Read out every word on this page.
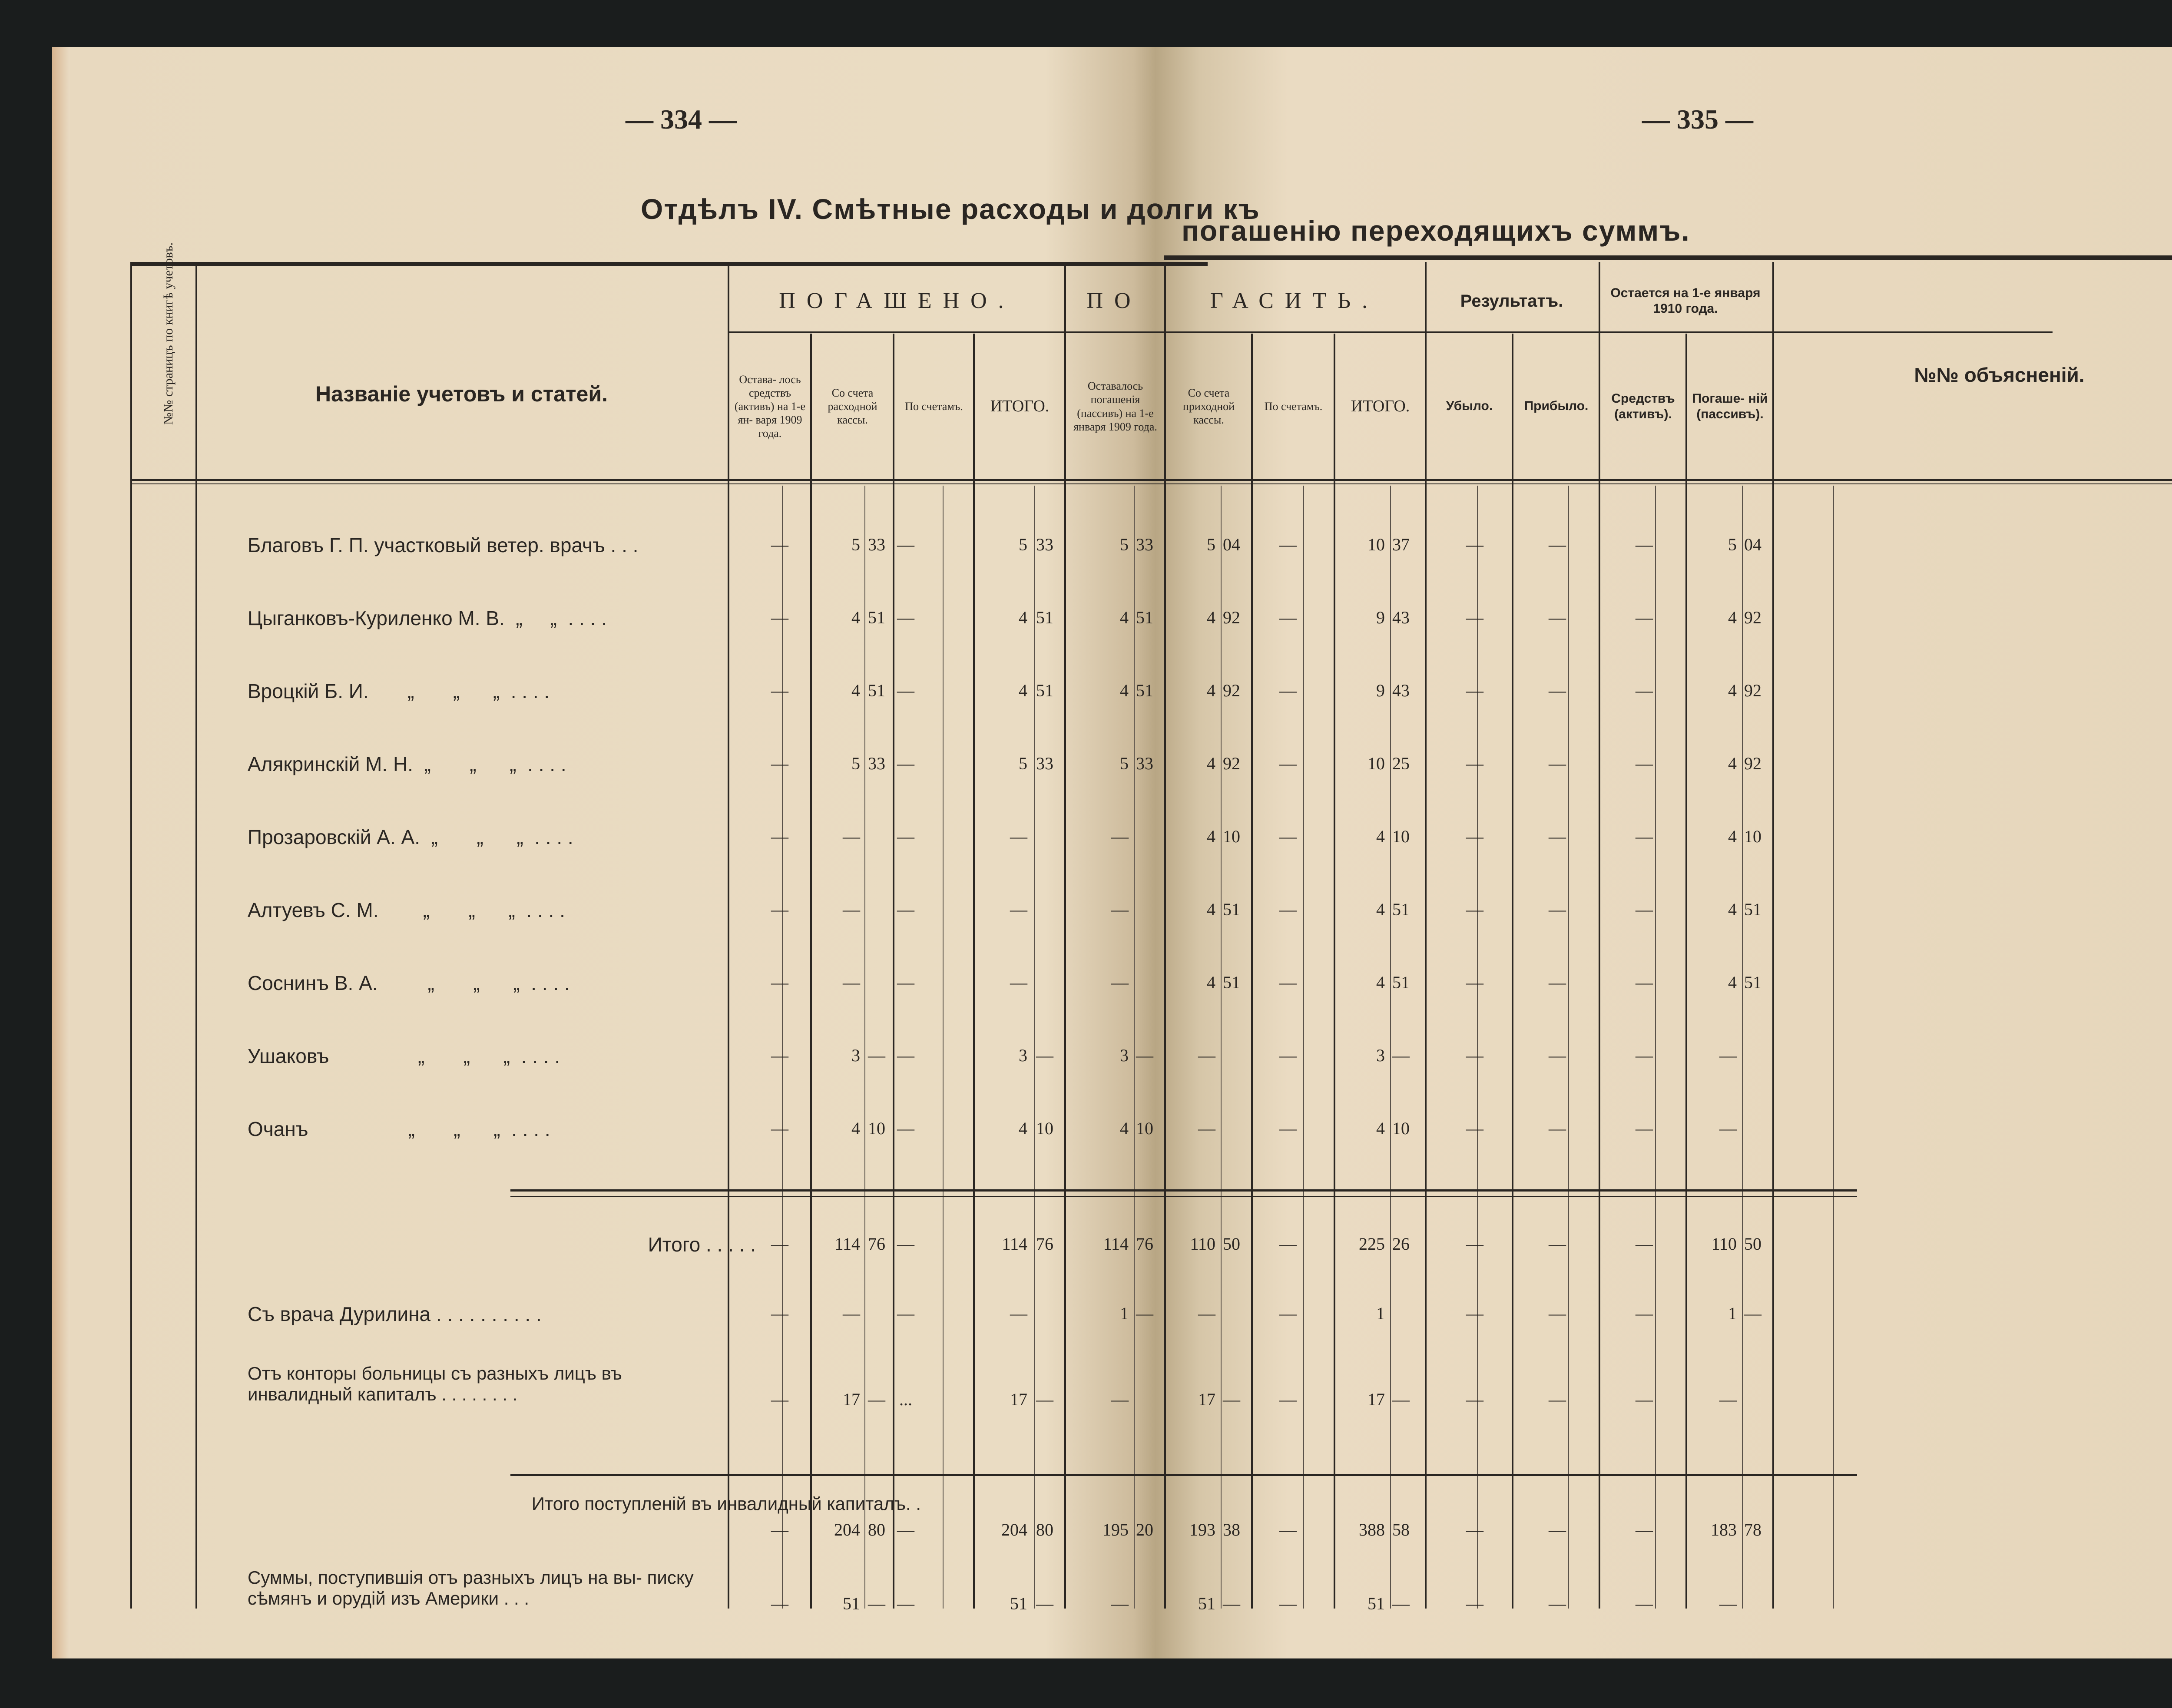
— 334 —	— 335 —
Отдѣлъ IV. Смѣтные расходы и долги къ
погашенію переходящихъ суммъ.
№№ страницъ по книгѣ учетовъ.	Названіе учетовъ и статей.
ПОГАШЕНО.	ПО	ГАСИТЬ.	Результатъ.	Остается на 1-е января 1910 года.
Остава- лось средствъ (активъ) на 1-е ян- варя 1909 года.
Со счета расходной кассы.
По счетамъ.	ИТОГО.
Оставалось погашенія (пассивъ) на 1-е января 1909 года.
Со счета приходной кассы.
По счетамъ.	ИТОГО.	Убыло.	Прибыло.
Средствъ (активъ).
Погаше- ній (пассивъ).
№№ объясненій.
Благовъ Г. П. участковый ветер. врачъ . . .	—	5 33 —	5 33	5 33	5 04	—	10 37	—	—	—	5 04
Цыганковъ-Куриленко М. В.  „     „  . . . .	—	4 51 —	4 51	4 51	4 92	—	9 43	—	—	—	4 92
Вроцкій Б. И.       „       „      „  . . . .	—	4 51 —	4 51	4 51	4 92	—	9 43	—	—	—	4 92
Алякринскій М. Н.  „       „      „  . . . .	—	5 33 —	5 33	5 33	4 92	—	10 25	—	—	—	4 92
Прозаровскій А. А.  „       „      „  . . . .	—	—	—	—	—	4 10	—	4 10	—	—	—	4 10
Алтуевъ С. М.        „       „      „  . . . .	—	—	—	—	—	4 51	—	4 51	—	—	—	4 51
Соснинъ В. А.         „       „      „  . . . .	—	—	—	—	—	4 51	—	4 51	—	—	—	4 51
Ушаковъ                „       „      „  . . . .	—	3 — —	3 —	3 —	—	—	3 —	—	—	—	—
Очанъ                  „       „      „  . . . .	—	4 10 —	4 10	4 10	—	—	4 10	—	—	—	—
Итого . . . . . —	114 76 —	114 76	114 76	110 50	—	225 26	—	—	—	110 50
Съ врача Дурилина . . . . . . . . . .	—	—	—	—	1 —	—	—	1	—	—	—	1 —
Отъ конторы больницы съ разныхъ лицъ въ инвалидный капиталъ . . . . . . . .	—	17 — ...	17 —	—	17 —	—	17 —	—	—	—	—
Итого поступленій въ инвалидный капиталъ. .
—	204 80 —	204 80	195 20	193 38	—	388 58	—	—	—	183 78
Суммы, поступившія отъ разныхъ лицъ на вы- писку сѣмянъ и орудій изъ Америки . . .	—	51 — —	51 —	—	51 —	—	51 —	—	—	—	—
